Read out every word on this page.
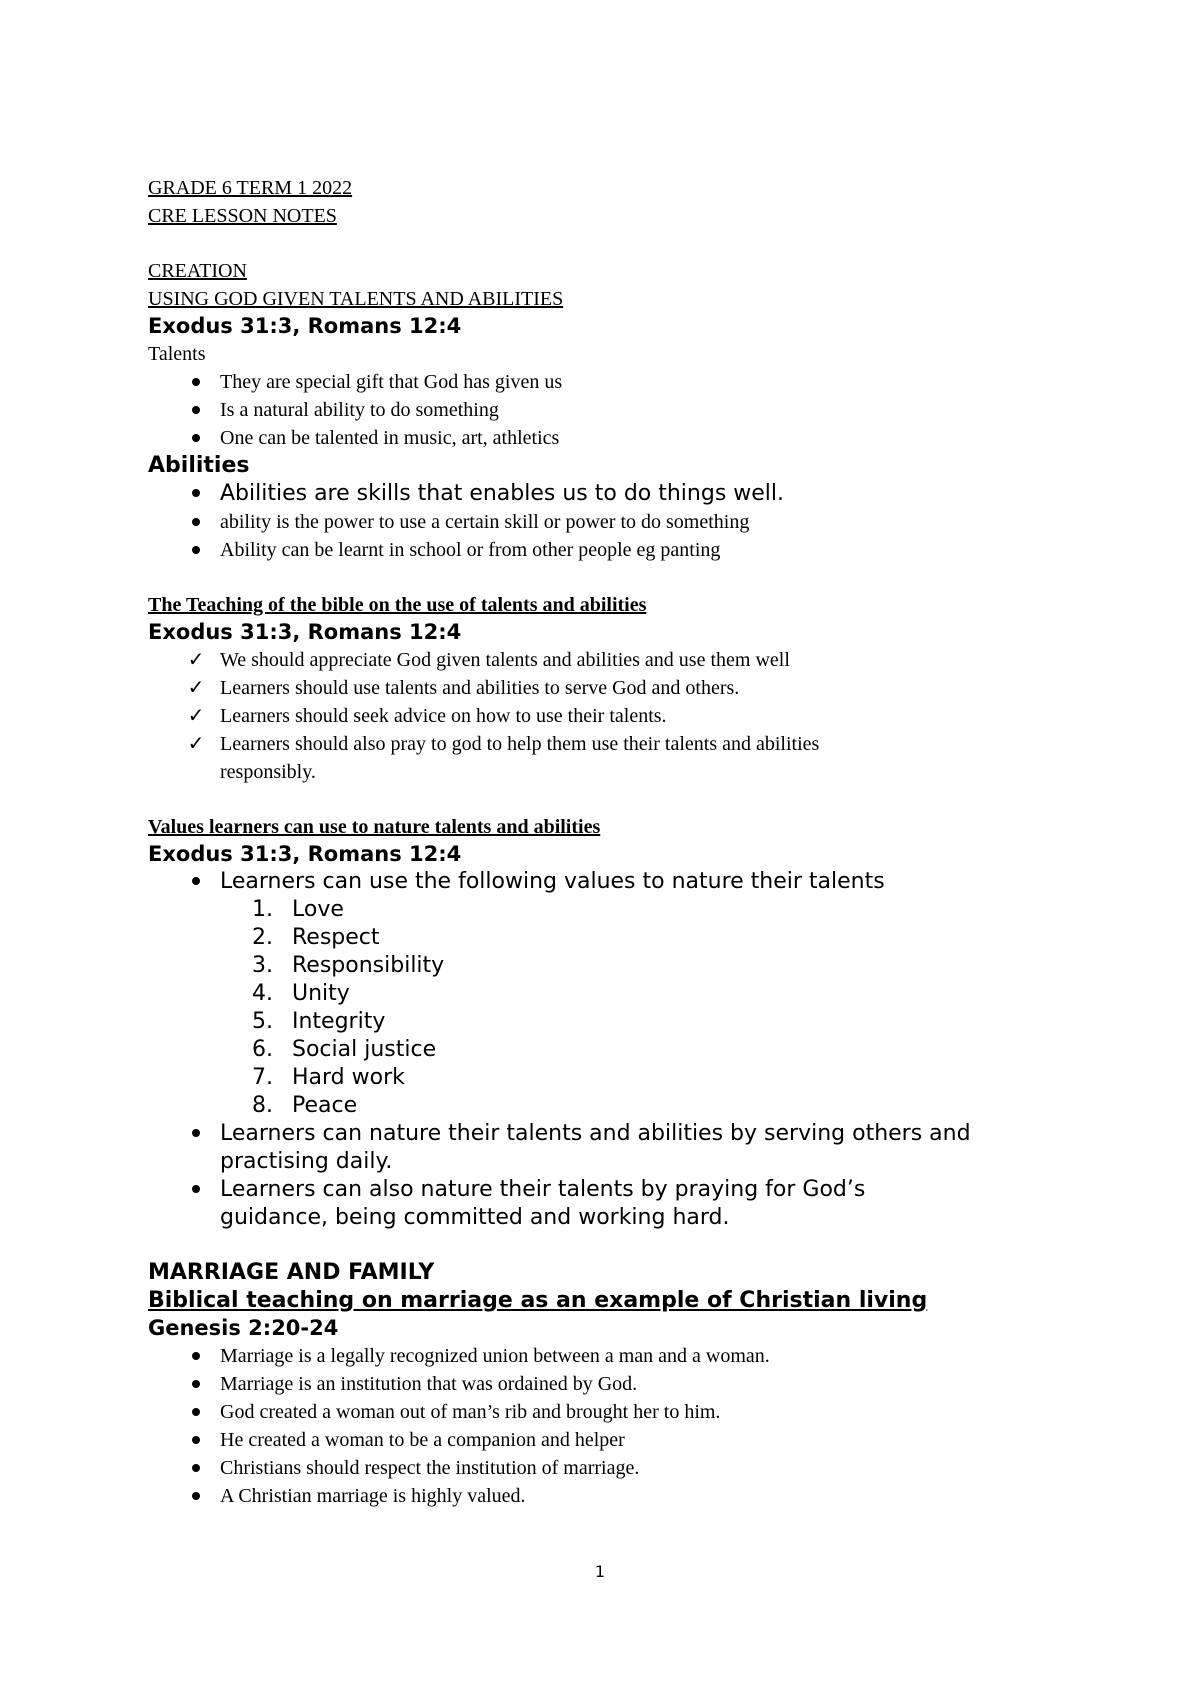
GRADE 6 TERM 1 2022
CRE LESSON NOTES
CREATION
USING GOD GIVEN TALENTS AND ABILITIES
Exodus 31:3, Romans 12:4
Talents
They are special gift that God has given us
Is a natural ability to do something
One can be talented in music, art, athletics
Abilities
Abilities are skills that enables us to do things well.
ability is the power to use a certain skill or power to do something
Ability can be learnt in school or from other people eg panting
The Teaching of the bible on the use of talents and abilities
Exodus 31:3, Romans 12:4
✓ We should appreciate God given talents and abilities and use them well
✓ Learners should use talents and abilities to serve God and others.
✓ Learners should seek advice on how to use their talents.
✓ Learners should also pray to god to help them use their talents and abilities
responsibly.
Values learners can use to nature talents and abilities
Exodus 31:3, Romans 12:4
Learners can use the following values to nature their talents
1. Love
2. Respect
3. Responsibility
4. Unity
5. Integrity
6. Social justice
7. Hard work
8. Peace
Learners can nature their talents and abilities by serving others and
practising daily.
Learners can also nature their talents by praying for God’s
guidance, being committed and working hard.
MARRIAGE AND FAMILY
Biblical teaching on marriage as an example of Christian living
Genesis 2:20-24
Marriage is a legally recognized union between a man and a woman.
Marriage is an institution that was ordained by God.
God created a woman out of man’s rib and brought her to him.
He created a woman to be a companion and helper
Christians should respect the institution of marriage.
A Christian marriage is highly valued.
1
